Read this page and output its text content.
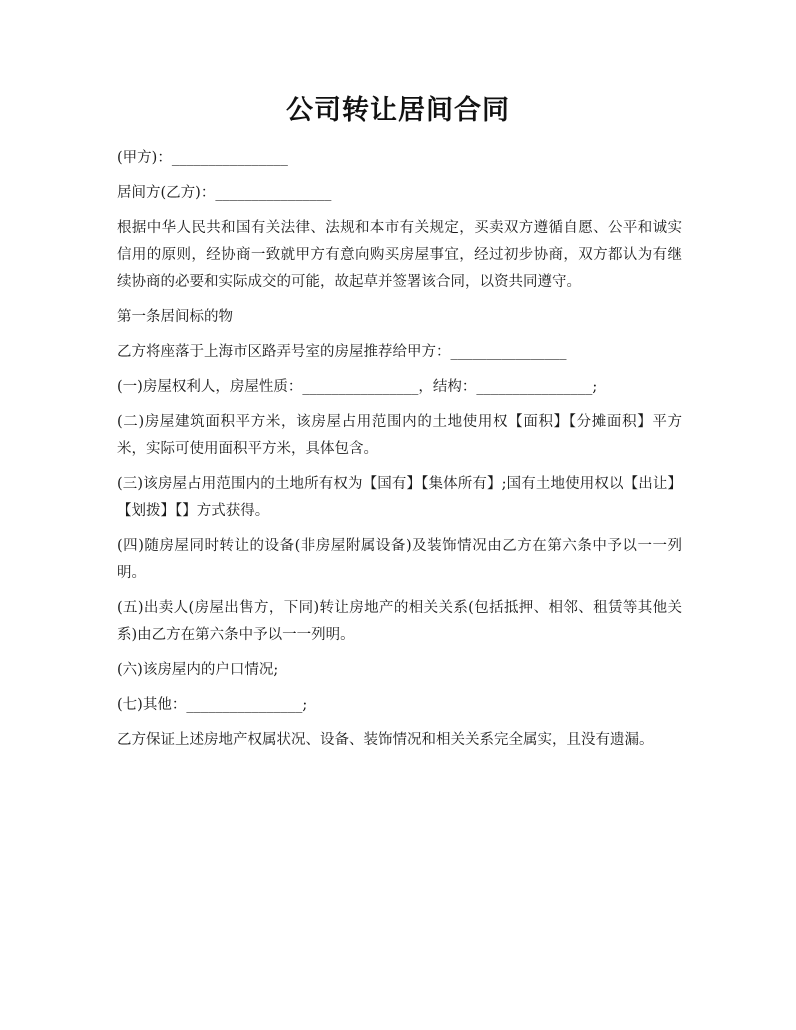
公司转让居间合同

(甲方)：________________

居间方(乙方)：________________

根据中华人民共和国有关法律、法规和本市有关规定，买卖双方遵循自愿、公平和诚实信用的原则，经协商一致就甲方有意向购买房屋事宜，经过初步协商，双方都认为有继续协商的必要和实际成交的可能，故起草并签署该合同，以资共同遵守。

第一条居间标的物

乙方将座落于上海市区路弄号室的房屋推荐给甲方：________________

(一)房屋权利人，房屋性质：________________，结构：________________;

(二)房屋建筑面积平方米，该房屋占用范围内的土地使用权【面积】【分摊面积】平方米，实际可使用面积平方米，具体包含。

(三)该房屋占用范围内的土地所有权为【国有】【集体所有】;国有土地使用权以【出让】【划拨】【】方式获得。

(四)随房屋同时转让的设备(非房屋附属设备)及装饰情况由乙方在第六条中予以一一列明。

(五)出卖人(房屋出售方，下同)转让房地产的相关关系(包括抵押、相邻、租赁等其他关系)由乙方在第六条中予以一一列明。

(六)该房屋内的户口情况;

(七)其他：________________;

乙方保证上述房地产权属状况、设备、装饰情况和相关关系完全属实，且没有遗漏。
